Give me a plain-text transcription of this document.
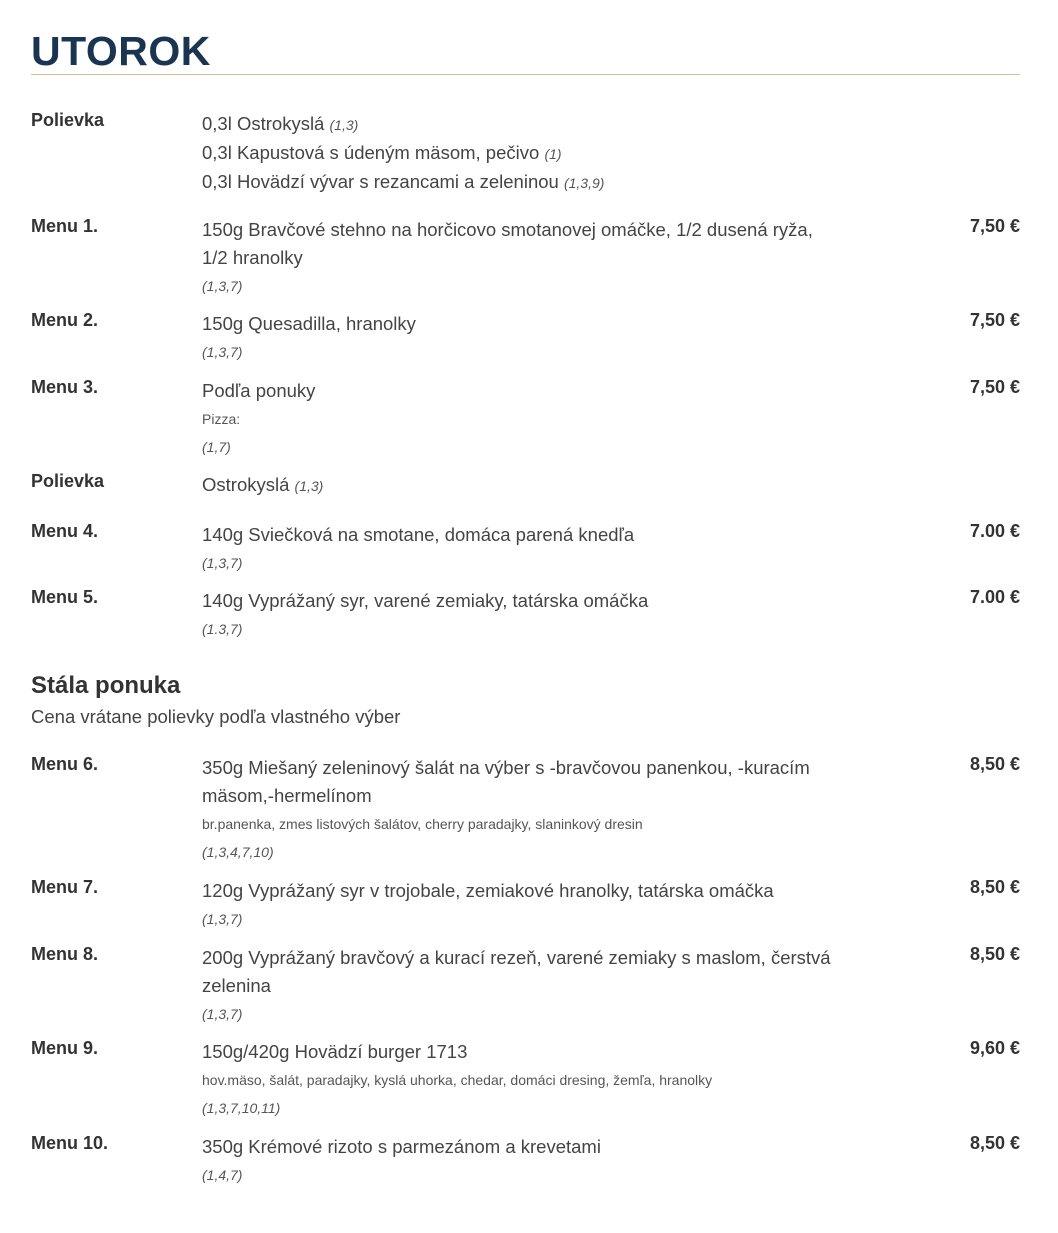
UTOROK
Polievka	0,3l Ostrokyslá (1,3)
0,3l Kapustová s údeným mäsom, pečivo (1)
0,3l Hovädzí vývar s rezancami a zeleninou (1,3,9)
Menu 1.	150g Bravčové stehno na horčicovo smotanovej omáčke, 1/2 dusená ryža,
1/2 hranolky
(1,3,7)
7,50 €
Menu 2.	150g Quesadilla, hranolky
(1,3,7)
7,50 €
Menu 3.	Podľa ponuky
Pizza:
(1,7)
7,50 €
Polievka	Ostrokyslá (1,3)
Menu 4.	140g Sviečková na smotane, domáca parená knedľa
(1,3,7)
7.00 €
Menu 5.	140g Vyprážaný syr, varené zemiaky, tatárska omáčka
(1.3,7)
7.00 €
Stála ponuka
Cena vrátane polievky podľa vlastného výber
Menu 6.	350g Miešaný zeleninový šalát na výber s -bravčovou panenkou, -kuracím
mäsom,-hermelínom
br.panenka, zmes listových šalátov, cherry paradajky, slaninkový dresin
(1,3,4,7,10)
8,50 €
Menu 7.	120g Vyprážaný syr v trojobale, zemiakové hranolky, tatárska omáčka
(1,3,7)
8,50 €
Menu 8.	200g Vyprážaný bravčový a kurací rezeň, varené zemiaky s maslom, čerstvá
zelenina
(1,3,7)
8,50 €
Menu 9.	150g/420g Hovädzí burger 1713
hov.mäso, šalát, paradajky, kyslá uhorka, chedar, domáci dresing, žemľa, hranolky
(1,3,7,10,11)
9,60 €
Menu 10.	350g Krémové rizoto s parmezánom a krevetami
(1,4,7)
8,50 €
